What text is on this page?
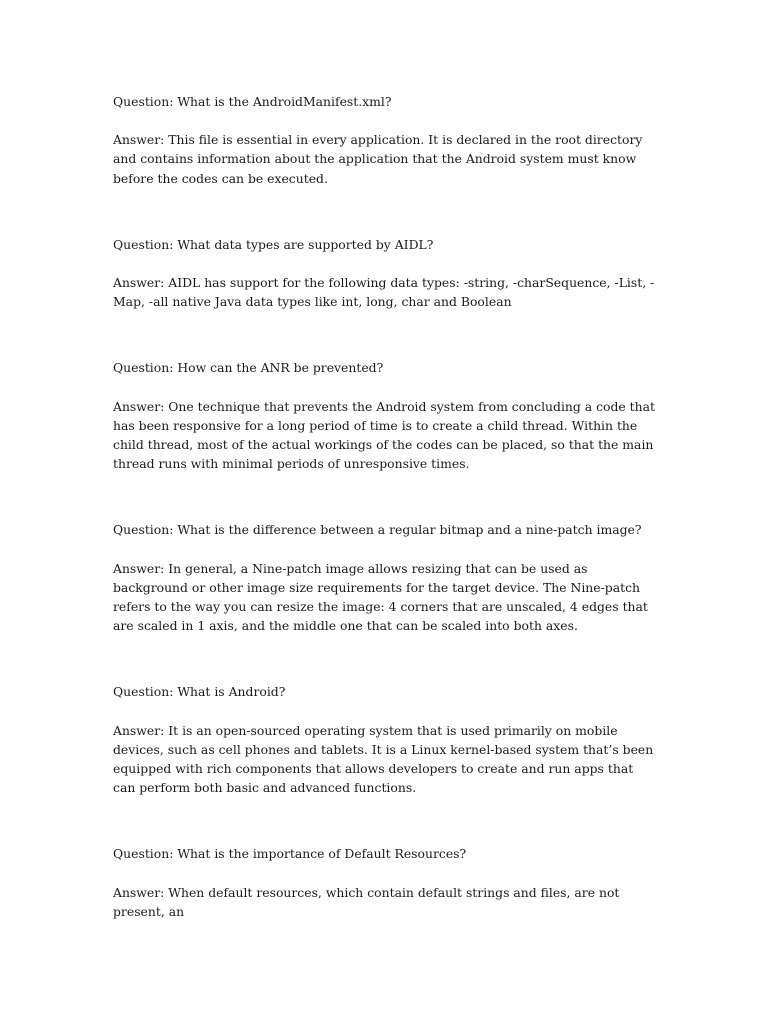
Question: What is the AndroidManifest.xml?

Answer: This file is essential in every application. It is declared in the root directory and contains information about the application that the Android system must know before the codes can be executed.

Question: What data types are supported by AIDL?

Answer: AIDL has support for the following data types: -string, -charSequence, -List, -Map, -all native Java data types like int, long, char and Boolean

Question: How can the ANR be prevented?

Answer: One technique that prevents the Android system from concluding a code that has been responsive for a long period of time is to create a child thread. Within the child thread, most of the actual workings of the codes can be placed, so that the main thread runs with minimal periods of unresponsive times.

Question: What is the difference between a regular bitmap and a nine-patch image?

Answer: In general, a Nine-patch image allows resizing that can be used as background or other image size requirements for the target device. The Nine-patch refers to the way you can resize the image: 4 corners that are unscaled, 4 edges that are scaled in 1 axis, and the middle one that can be scaled into both axes.

Question: What is Android?

Answer: It is an open-sourced operating system that is used primarily on mobile devices, such as cell phones and tablets. It is a Linux kernel-based system that’s been equipped with rich components that allows developers to create and run apps that can perform both basic and advanced functions.

Question: What is the importance of Default Resources?

Answer: When default resources, which contain default strings and files, are not present, an
